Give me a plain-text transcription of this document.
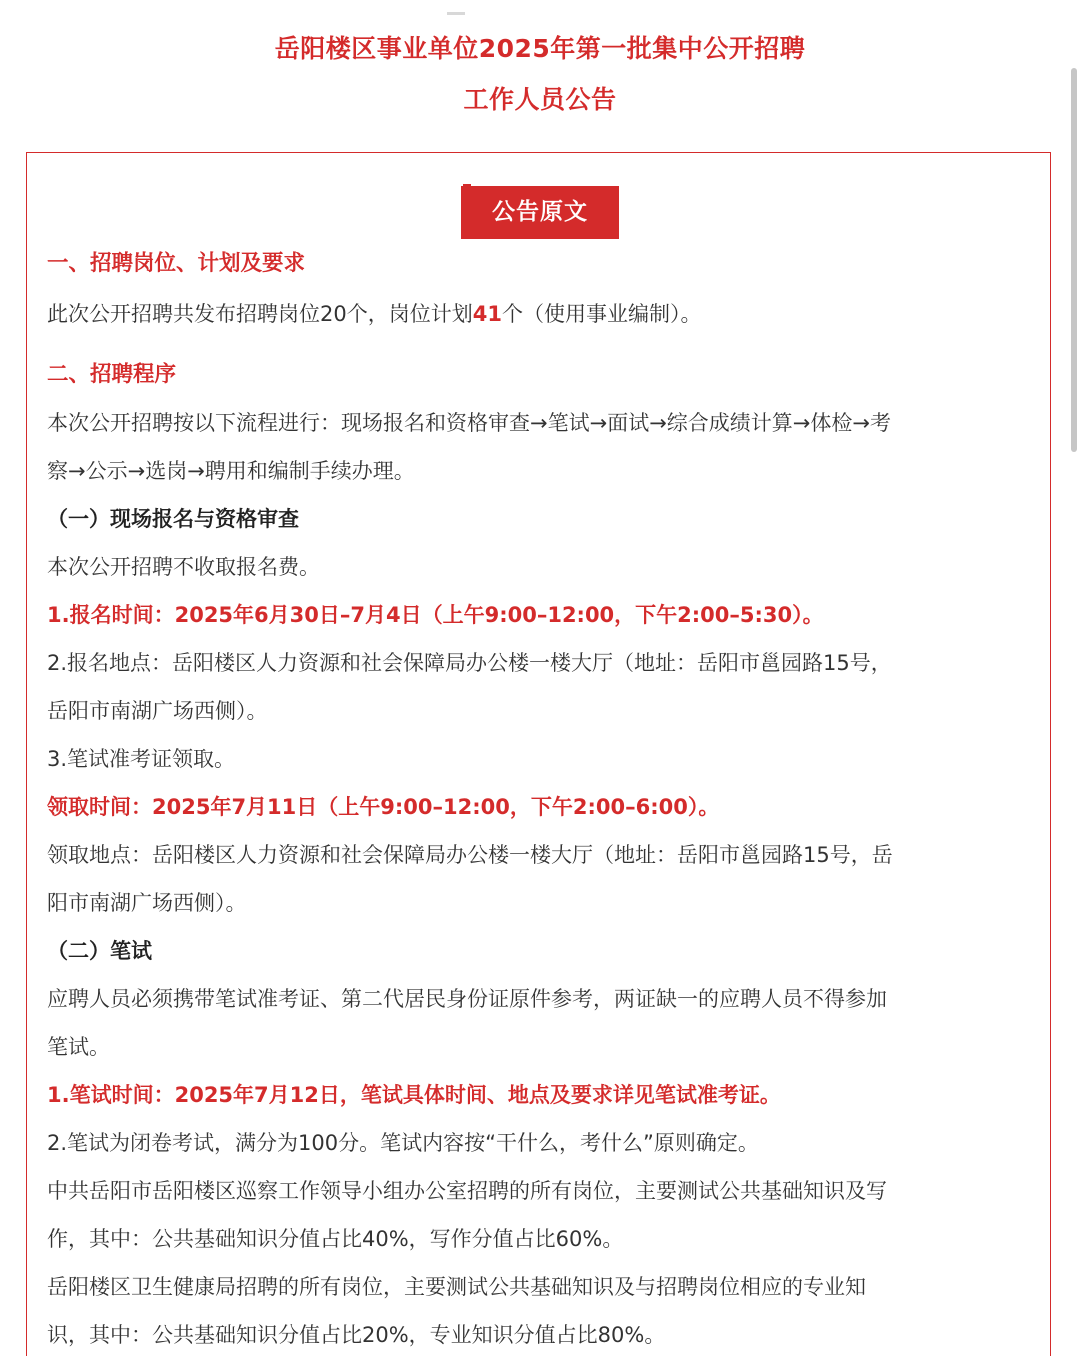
岳阳楼区事业单位2025年第一批集中公开招聘
工作人员公告
公告原文
一、招聘岗位、计划及要求
此次公开招聘共发布招聘岗位20个，岗位计划41个（使用事业编制）。
二、招聘程序
本次公开招聘按以下流程进行：现场报名和资格审查→笔试→面试→综合成绩计算→体检→考
察→公示→选岗→聘用和编制手续办理。
（一）现场报名与资格审查
本次公开招聘不收取报名费。
1.报名时间：2025年6月30日–7月4日（上午9:00–12:00，下午2:00–5:30）。
2.报名地点：岳阳楼区人力资源和社会保障局办公楼一楼大厅（地址：岳阳市邕园路15号，
岳阳市南湖广场西侧）。
3.笔试准考证领取。
领取时间：2025年7月11日（上午9:00–12:00，下午2:00–6:00）。
领取地点：岳阳楼区人力资源和社会保障局办公楼一楼大厅（地址：岳阳市邕园路15号，岳
阳市南湖广场西侧）。
（二）笔试
应聘人员必须携带笔试准考证、第二代居民身份证原件参考，两证缺一的应聘人员不得参加
笔试。
1.笔试时间：2025年7月12日，笔试具体时间、地点及要求详见笔试准考证。
2.笔试为闭卷考试，满分为100分。笔试内容按“干什么，考什么”原则确定。
中共岳阳市岳阳楼区巡察工作领导小组办公室招聘的所有岗位，主要测试公共基础知识及写
作，其中：公共基础知识分值占比40%，写作分值占比60%。
岳阳楼区卫生健康局招聘的所有岗位，主要测试公共基础知识及与招聘岗位相应的专业知
识，其中：公共基础知识分值占比20%，专业知识分值占比80%。
